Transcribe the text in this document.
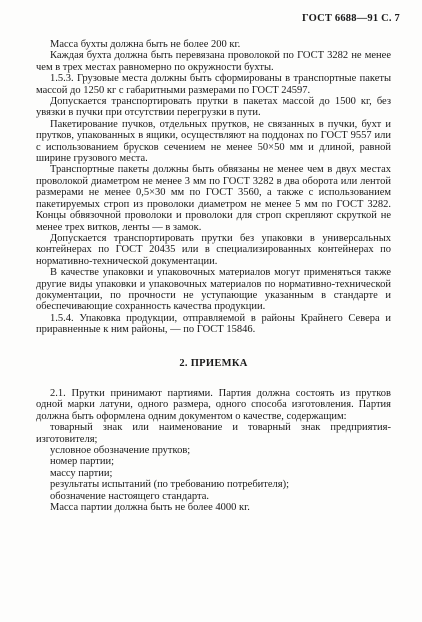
ГОСТ 6688—91 С. 7

Масса бухты должна быть не более 200 кг.

Каждая бухта должна быть перевязана проволокой по ГОСТ 3282 не менее чем в трех местах равномерно по окружности бухты.

1.5.3. Грузовые места должны быть сформированы в транспортные пакеты массой до 1250 кг с габаритными размерами по ГОСТ 24597.

Допускается транспортировать прутки в пакетах массой до 1500 кг, без увязки в пучки при отсутствии перегрузки в пути.

Пакетирование пучков, отдельных прутков, не связанных в пучки, бухт и прутков, упакованных в ящики, осуществляют на поддонах по ГОСТ 9557 или с использованием брусков сечением не менее 50×50 мм и длиной, равной ширине грузового места.

Транспортные пакеты должны быть обвязаны не менее чем в двух местах проволокой диаметром не менее 3 мм по ГОСТ 3282 в два оборота или лентой размерами не менее 0,5×30 мм по ГОСТ 3560, а также с использованием пакетируемых строп из проволоки диаметром не менее 5 мм по ГОСТ 3282. Концы обвязочной проволоки и проволоки для строп скрепляют скруткой не менее трех витков, ленты — в замок.

Допускается транспортировать прутки без упаковки в универсальных контейнерах по ГОСТ 20435 или в специализированных контейнерах по нормативно-технической документации.

В качестве упаковки и упаковочных материалов могут применяться также другие виды упаковки и упаковочных материалов по нормативно-технической документации, по прочности не уступающие указанным в стандарте и обеспечивающие сохранность качества продукции.

1.5.4. Упаковка продукции, отправляемой в районы Крайнего Севера и приравненные к ним районы, — по ГОСТ 15846.

2. ПРИЕМКА

2.1. Прутки принимают партиями. Партия должна состоять из прутков одной марки латуни, одного размера, одного способа изготовления. Партия должна быть оформлена одним документом о качестве, содержащим:

товарный знак или наименование и товарный знак предприятия-изготовителя;

условное обозначение прутков;

номер партии;

массу партии;

результаты испытаний (по требованию потребителя);

обозначение настоящего стандарта.

Масса партии должна быть не более 4000 кг.
